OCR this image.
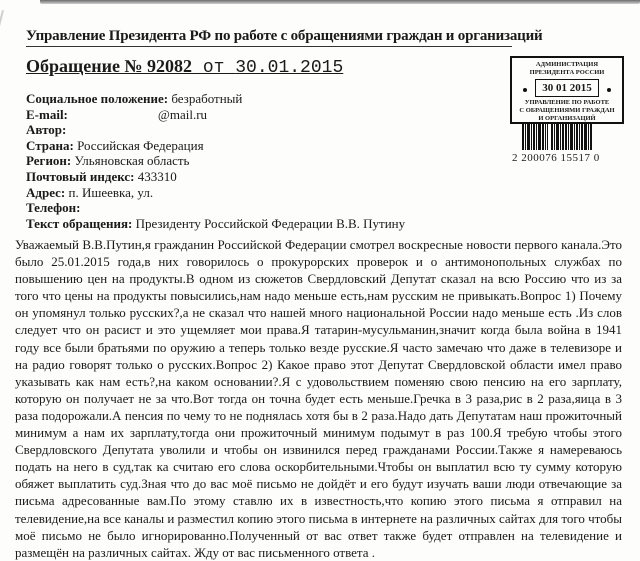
Управление Президента РФ по работе с обращениями граждан и организаций
Обращение № 92082 от 30.01.2015	АДМИНИСТРАЦИЯ
ПРЕЗИДЕНТА РОССИИ
30 01 2015
УПРАВЛЕНИЕ ПО РАБОТЕ
С ОБРАЩЕНИЯМИ ГРАЖДАН
И ОРГАНИЗАЦИЙ
2 200076 15517 0
Социальное положение: безработный
E-mail:	@mail.ru
Автор:
Страна: Российская Федерация
Регион: Ульяновская область
Почтовый индекс: 433310
Адрес: п. Ишеевка, ул.
Телефон:
Текст обращения: Президенту Российской Федерации В.В. Путину
Уважаемый В.В.Путин,я гражданин Российской Федерации смотрел воскресные новости первого канала.Это было 25.01.2015 года,в них говорилось о прокурорских проверок и о антимонопольных службах по повышению цен на продукты.В одном из сюжетов Свердловский Депутат сказал на всю Россию что из за того что цены на продукты повысились,нам надо меньше есть,нам русским не привыкать.Вопрос 1) Почему он упомянул только русских?,а не сказал что нашей много национальной России надо меньше есть .Из слов следует что он расист и это ущемляет мои права.Я татарин-мусульманин,значит когда была война в 1941 году все были братьями по оружию а теперь только везде русские.Я часто замечаю что даже в телевизоре и на радио говорят только о русских.Вопрос 2) Какое право этот Депутат Свердловской области имел право указывать как нам есть?,на каком основании?.Я с удовольствием поменяю свою пенсию на его зарплату, которую он получает не за что.Вот тогда он точна будет есть меньше.Гречка в 3 раза,рис в 2 раза,яица в 3 раза подорожали.А пенсия по чему то не поднялась хотя бы в 2 раза.Надо дать Депутатам наш прожиточный минимум а нам их зарплату,тогда они прожиточный минимум подымут в раз 100.Я требую чтобы этого Свердловского Депутата уволили и чтобы он извинился перед гражданами России.Также я намереваюсь подать на него в суд,так ка считаю его слова оскорбительными.Чтобы он выплатил всю ту сумму которую обяжет выплатить суд.Зная что до вас моё письмо не дойдёт и его будут изучать ваши люди отвечающие за письма адресованные вам.По этому ставлю их в известность,что копию этого письма я отправил на телевидение,на все каналы и разместил копию этого письма в интернете на различных сайтах для того чтобы моё письмо не было игнорированно.Полученный от вас ответ также будет отправлен на телевидение и размещён на различных сайтах. Жду от вас письменного ответа .
